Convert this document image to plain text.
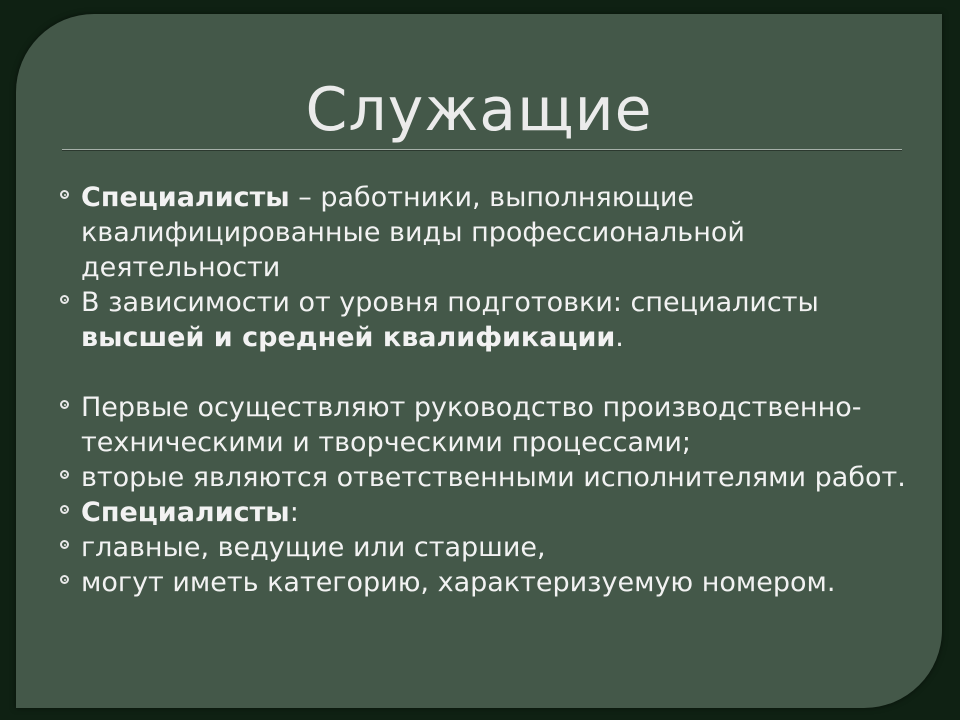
Служащие
Специалисты – работники, выполняющие квалифицированные виды профессиональной деятельности
В зависимости от уровня подготовки: специалисты высшей и средней квалификации.
Первые осуществляют руководство производственно-техническими и творческими процессами;
вторые являются ответственными исполнителями работ.
Специалисты:
главные, ведущие или старшие,
могут иметь категорию, характеризуемую номером.
